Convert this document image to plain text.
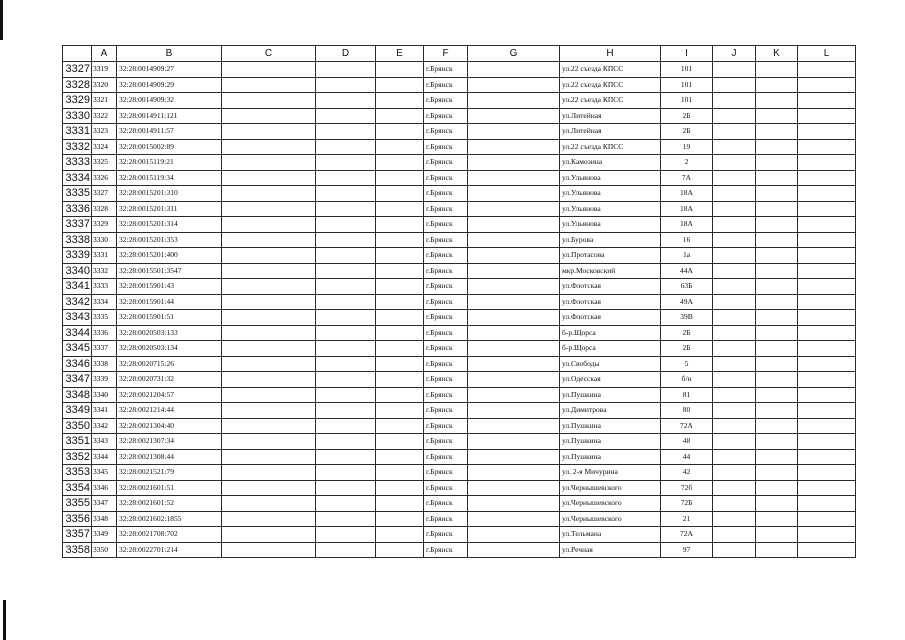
	A	B	C	D	E	F	G	H	I	J	K	L
3327	3319	32:28:0014909:27				г.Брянск		ул.22 съезда КПСС	101			
3328	3320	32:28:0014909:29				г.Брянск		ул.22 съезда КПСС	101			
3329	3321	32:28:0014909:32				г.Брянск		ул.22 съезда КПСС	101			
3330	3322	32:28:0014911:121				г.Брянск		ул.Литейная	2Б			
3331	3323	32:28:0014911:57				г.Брянск		ул.Литейная	2Б			
3332	3324	32:28:0015002:89				г.Брянск		ул.22 съезда КПСС	19			
3333	3325	32:28:0015119:21				г.Брянск		ул.Камозина	2			
3334	3326	32:28:0015119:34				г.Брянск		ул.Ульянова	7А			
3335	3327	32:28:0015201:310				г.Брянск		ул.Ульянова	18А			
3336	3328	32:28:0015201:311				г.Брянск		ул.Ульянова	18А			
3337	3329	32:28:0015201:314				г.Брянск		ул.Ульянова	18А			
3338	3330	32:28:0015201:353				г.Брянск		ул.Бурова	16			
3339	3331	32:28:0015201:400				г.Брянск		ул.Протасова	1а			
3340	3332	32:28:0015501:3547				г.Брянск		мкр.Московский	44А			
3341	3333	32:28:0015901:43				г.Брянск		ул.Флотская	63Б			
3342	3334	32:28:0015901:44				г.Брянск		ул.Флотская	49А			
3343	3335	32:28:0015901:51				г.Брянск		ул.Флотская	39В			
3344	3336	32:28:0020503:133				г.Брянск		б-р.Щорса	2Б			
3345	3337	32:28:0020503:134				г.Брянск		б-р.Щорса	2Б			
3346	3338	32:28:0020715:26				г.Брянск		ул.Свободы	5			
3347	3339	32:28:0020731:32				г.Брянск		ул.Одесская	б/н			
3348	3340	32:28:0021204:57				г.Брянск		ул.Пушкина	81			
3349	3341	32:28:0021214:44				г.Брянск		ул.Димитрова	80			
3350	3342	32:28:0021304:40				г.Брянск		ул.Пушкина	72А			
3351	3343	32:28:0021307:34				г.Брянск		ул.Пушкина	48			
3352	3344	32:28:0021308:44				г.Брянск		ул.Пушкина	44			
3353	3345	32:28:0021521:79				г.Брянск		ул. 2-я Мичурина	42			
3354	3346	32:28:0021601:51				г.Брянск		ул.Чернышевского	72б			
3355	3347	32:28:0021601:52				г.Брянск		ул.Чернышевского	72Б			
3356	3348	32:28:0021602:1855				г.Брянск		ул.Чернышевского	21			
3357	3349	32:28:0021708:702				г.Брянск		ул.Тельмана	72А			
3358	3350	32:28:0022701:214				г.Брянск		ул.Речная	97			
